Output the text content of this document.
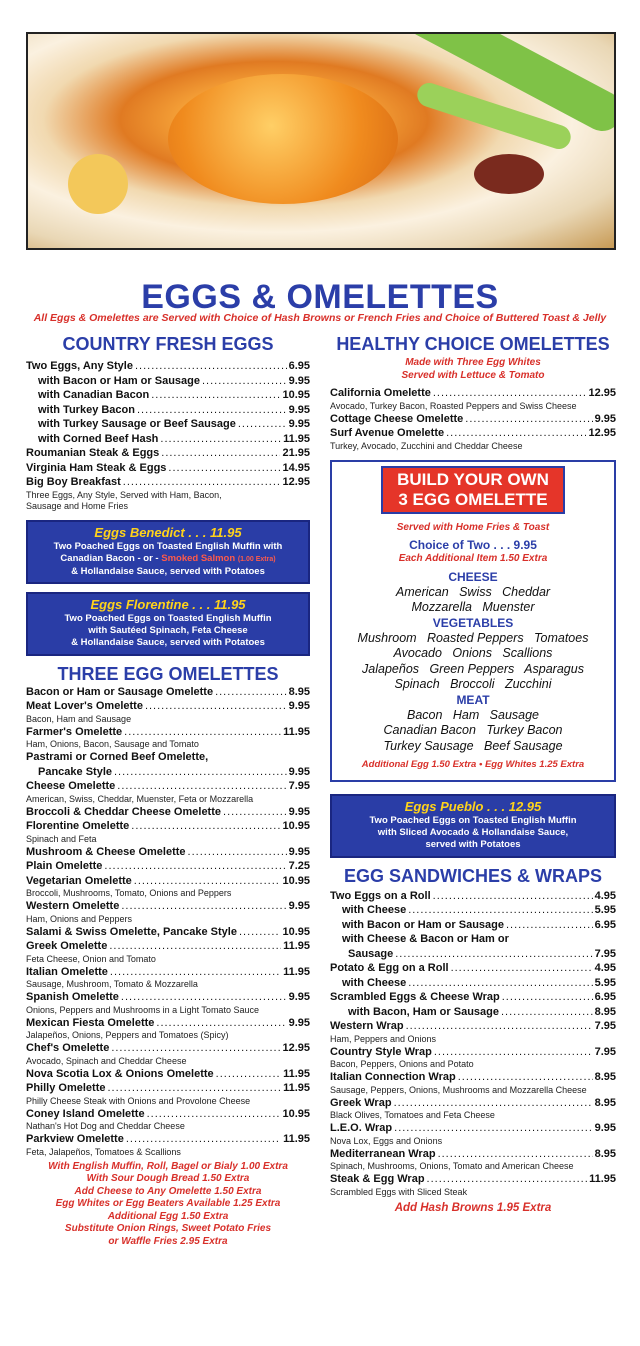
EGGS & OMELETTES
All Eggs & Omelettes are Served with Choice of Hash Browns or French Fries and Choice of Buttered Toast & Jelly
COUNTRY FRESH EGGS
Two Eggs, Any Style .....	6.95
with Bacon or Ham or Sausage .....	9.95
with Canadian Bacon .....	10.95
with Turkey Bacon .....	9.95
with Turkey Sausage or Beef Sausage .....	9.95
with Corned Beef Hash .....	11.95
Roumanian Steak & Eggs .....	21.95
Virginia Ham Steak & Eggs .....	14.95
Big Boy Breakfast .....	12.95
Three Eggs, Any Style, Served with Ham, Bacon, Sausage and Home Fries
Eggs Benedict . . . 11.95
Two Poached Eggs on Toasted English Muffin with
Canadian Bacon - or - Smoked Salmon (1.00 Extra)
& Hollandaise Sauce, served with Potatoes
Eggs Florentine . . . 11.95
Two Poached Eggs on Toasted English Muffin
with Sautéed Spinach, Feta Cheese
& Hollandaise Sauce, served with Potatoes
THREE EGG OMELETTES
Bacon or Ham or Sausage Omelette .....	8.95
Meat Lover's Omelette .....	9.95
Bacon, Ham and Sausage
Farmer's Omelette .....	11.95
Ham, Onions, Bacon, Sausage and Tomato
Pastrami or Corned Beef Omelette,
Pancake Style .....	9.95
Cheese Omelette .....	7.95
American, Swiss, Cheddar, Muenster, Feta or Mozzarella
Broccoli & Cheddar Cheese Omelette .....	9.95
Florentine Omelette .....	10.95
Spinach and Feta
Mushroom & Cheese Omelette .....	9.95
Plain Omelette .....	7.25
Vegetarian Omelette .....	10.95
Broccoli, Mushrooms, Tomato, Onions and Peppers
Western Omelette .....	9.95
Ham, Onions and Peppers
Salami & Swiss Omelette, Pancake Style .....	10.95
Greek Omelette .....	11.95
Feta Cheese, Onion and Tomato
Italian Omelette .....	11.95
Sausage, Mushroom, Tomato & Mozzarella
Spanish Omelette .....	9.95
Onions, Peppers and Mushrooms in a Light Tomato Sauce
Mexican Fiesta Omelette .....	9.95
Jalapeños, Onions, Peppers and Tomatoes (Spicy)
Chef's Omelette .....	12.95
Avocado, Spinach and Cheddar Cheese
Nova Scotia Lox & Onions Omelette .....	11.95
Philly Omelette .....	11.95
Philly Cheese Steak with Onions and Provolone Cheese
Coney Island Omelette .....	10.95
Nathan's Hot Dog and Cheddar Cheese
Parkview Omelette .....	11.95
Feta, Jalapeños, Tomatoes & Scallions
With English Muffin, Roll, Bagel or Bialy 1.00 Extra
With Sour Dough Bread 1.50 Extra
Add Cheese to Any Omelette 1.50 Extra
Egg Whites or Egg Beaters Available 1.25 Extra
Additional Egg 1.50 Extra
Substitute Onion Rings, Sweet Potato Fries
or Waffle Fries 2.95 Extra
HEALTHY CHOICE OMELETTES
Made with Three Egg Whites
Served with Lettuce & Tomato
California Omelette .....	12.95
Avocado, Turkey Bacon, Roasted Peppers and Swiss Cheese
Cottage Cheese Omelette .....	9.95
Surf Avenue Omelette .....	12.95
Turkey, Avocado, Zucchini and Cheddar Cheese
BUILD YOUR OWN
3 EGG OMELETTE
Served with Home Fries & Toast
Choice of Two . . . 9.95
Each Additional Item 1.50 Extra
CHEESE
American   Swiss   Cheddar
Mozzarella   Muenster
VEGETABLES
Mushroom   Roasted Peppers   Tomatoes
Avocado   Onions   Scallions
Jalapeños   Green Peppers   Asparagus
Spinach   Broccoli   Zucchini
MEAT
Bacon   Ham   Sausage
Canadian Bacon   Turkey Bacon
Turkey Sausage   Beef Sausage
Additional Egg 1.50 Extra • Egg Whites 1.25 Extra
Eggs Pueblo . . . 12.95
Two Poached Eggs on Toasted English Muffin
with Sliced Avocado & Hollandaise Sauce,
served with Potatoes
EGG SANDWICHES & WRAPS
Two Eggs on a Roll .....	4.95
with Cheese .....	5.95
with Bacon or Ham or Sausage .....	6.95
with Cheese & Bacon or Ham or
Sausage .....	7.95
Potato & Egg on a Roll .....	4.95
with Cheese .....	5.95
Scrambled Eggs & Cheese Wrap .....	6.95
with Bacon, Ham or Sausage .....	8.95
Western Wrap .....	7.95
Ham, Peppers and Onions
Country Style Wrap .....	7.95
Bacon, Peppers, Onions and Potato
Italian Connection Wrap .....	8.95
Sausage, Peppers, Onions, Mushrooms and Mozzarella Cheese
Greek Wrap .....	8.95
Black Olives, Tomatoes and Feta Cheese
L.E.O. Wrap .....	9.95
Nova Lox, Eggs and Onions
Mediterranean Wrap .....	8.95
Spinach, Mushrooms, Onions, Tomato and American Cheese
Steak & Egg Wrap .....	11.95
Scrambled Eggs with Sliced Steak
Add Hash Browns 1.95 Extra
